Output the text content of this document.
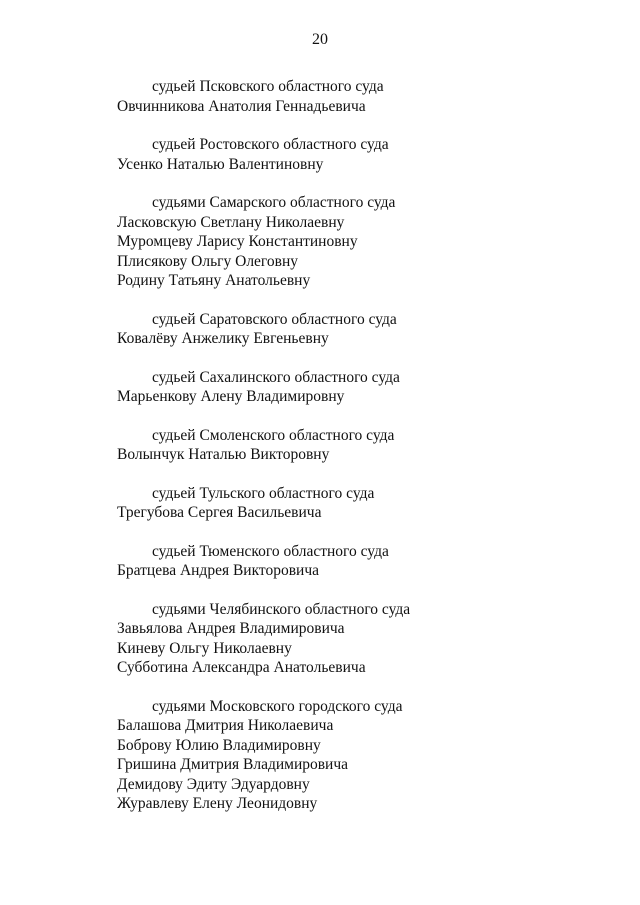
20
судьей Псковского областного суда
Овчинникова Анатолия Геннадьевича
судьей Ростовского областного суда
Усенко Наталью Валентиновну
судьями Самарского областного суда
Ласковскую Светлану Николаевну
Муромцеву Ларису Константиновну
Плисякову Ольгу Олеговну
Родину Татьяну Анатольевну
судьей Саратовского областного суда
Ковалёву Анжелику Евгеньевну
судьей Сахалинского областного суда
Марьенкову Алену Владимировну
судьей Смоленского областного суда
Волынчук Наталью Викторовну
судьей Тульского областного суда
Трегубова Сергея Васильевича
судьей Тюменского областного суда
Братцева Андрея Викторовича
судьями Челябинского областного суда
Завьялова Андрея Владимировича
Киневу Ольгу Николаевну
Субботина Александра Анатольевича
судьями Московского городского суда
Балашова Дмитрия Николаевича
Боброву Юлию Владимировну
Гришина Дмитрия Владимировича
Демидову Эдиту Эдуардовну
Журавлеву Елену Леонидовну
